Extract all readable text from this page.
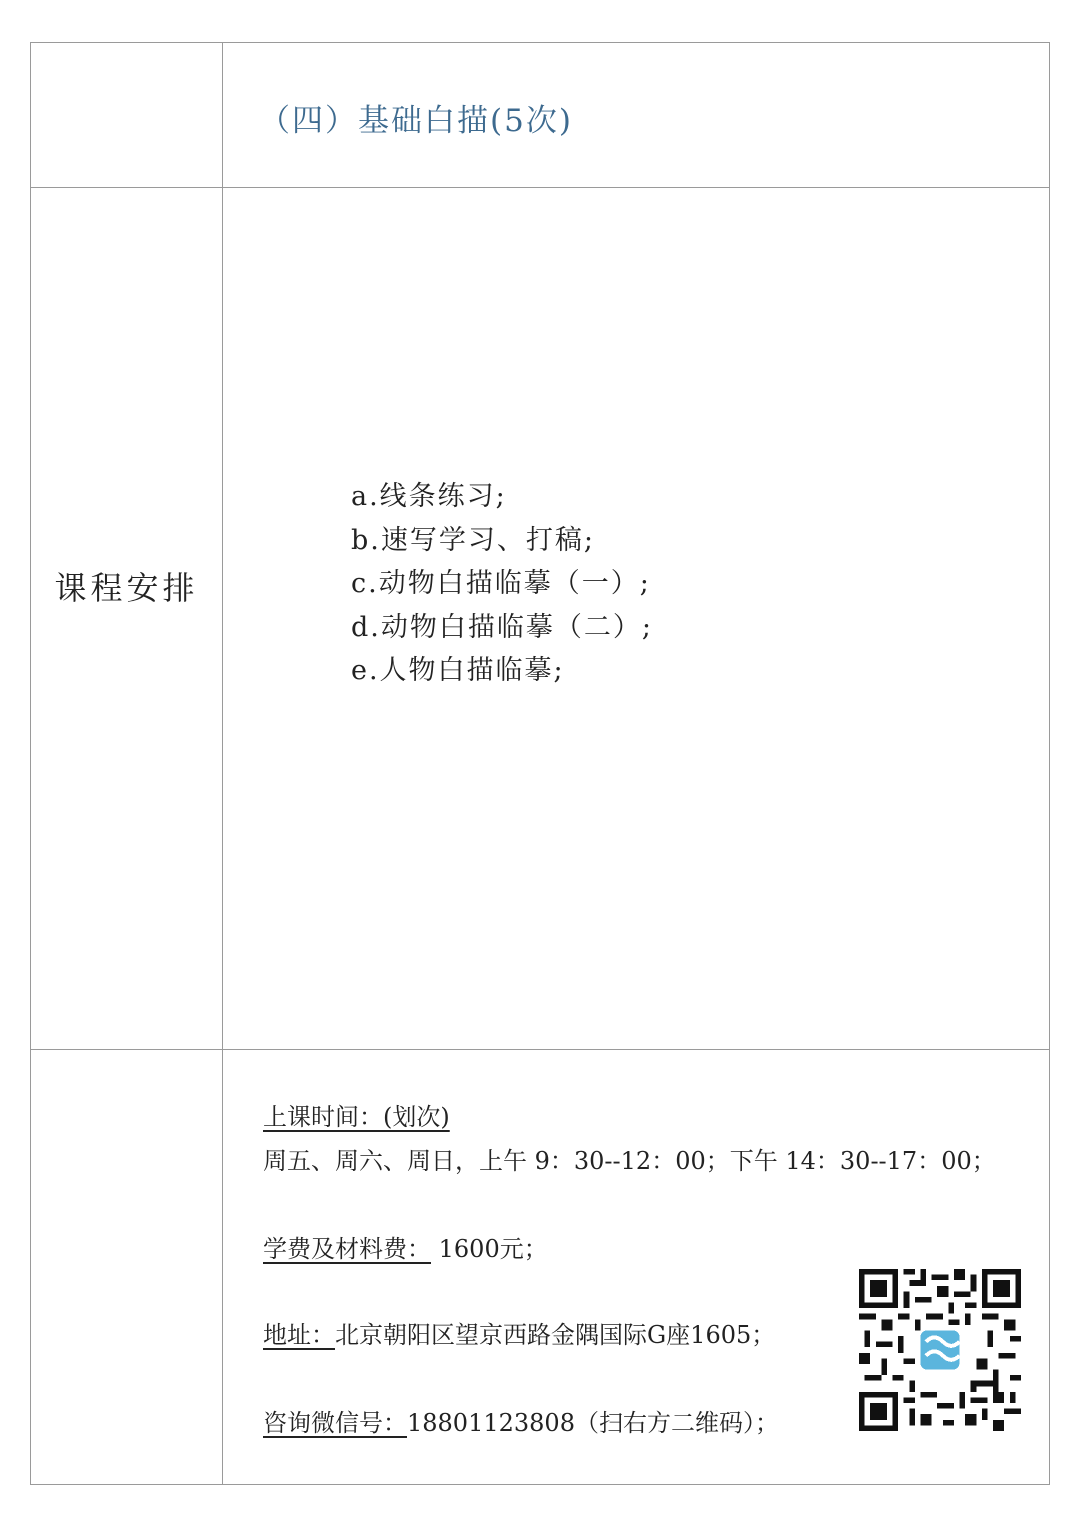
（四）基础白描(5次)
课程安排
a.线条练习;
b.速写学习、打稿;
c.动物白描临摹（一）;
d.动物白描临摹（二）;
e.人物白描临摹;
上课时间：(划次)
周五、周六、周日，上午 9：30--12：00；下午 14：30--17：00；
学费及材料费： 1600元；
地址：北京朝阳区望京西路金隅国际G座1605；
咨询微信号：18801123808（扫右方二维码）；
